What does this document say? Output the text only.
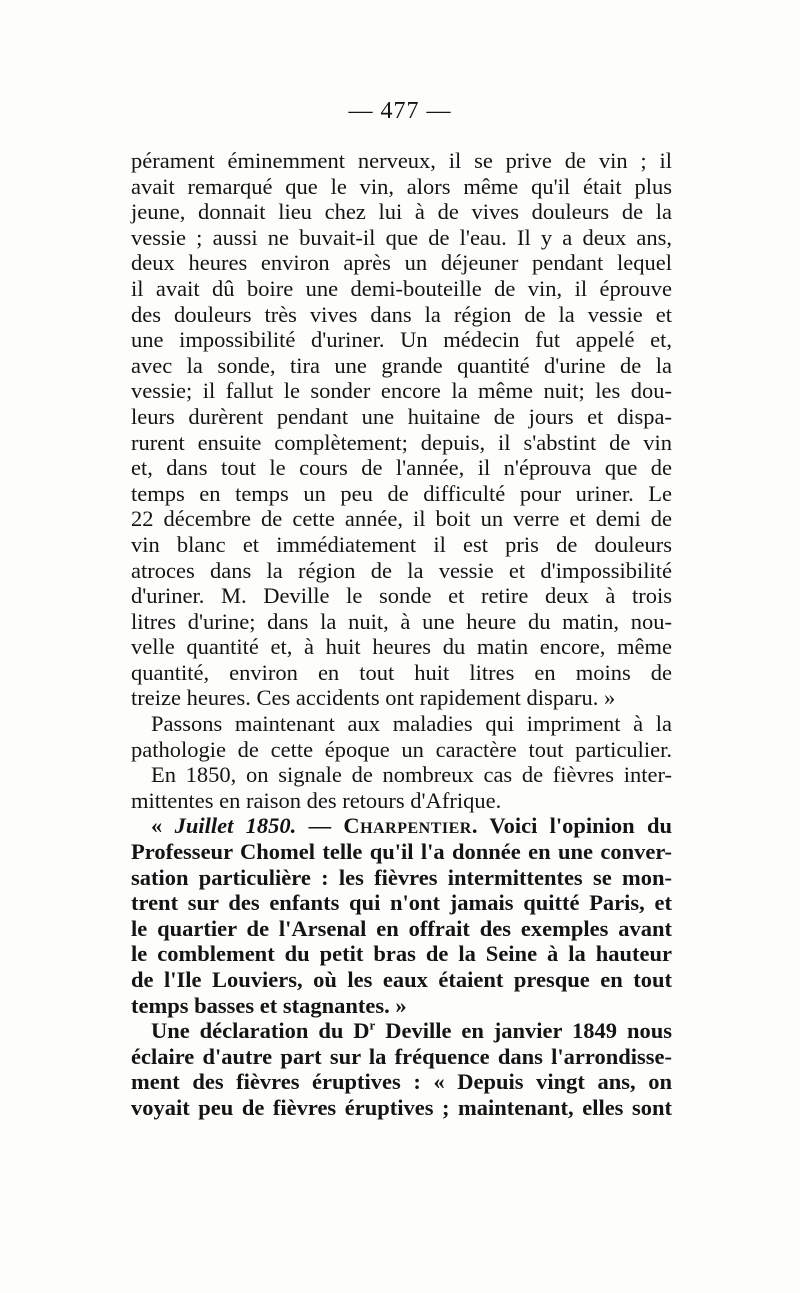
— 477 —
pérament éminemment nerveux, il se prive de vin ; il
avait remarqué que le vin, alors même qu'il était plus
jeune, donnait lieu chez lui à de vives douleurs de la
vessie ; aussi ne buvait-il que de l'eau. Il y a deux ans,
deux heures environ après un déjeuner pendant lequel
il avait dû boire une demi-bouteille de vin, il éprouve
des douleurs très vives dans la région de la vessie et
une impossibilité d'uriner. Un médecin fut appelé et,
avec la sonde, tira une grande quantité d'urine de la
vessie; il fallut le sonder encore la même nuit; les dou-
leurs durèrent pendant une huitaine de jours et dispa-
rurent ensuite complètement; depuis, il s'abstint de vin
et, dans tout le cours de l'année, il n'éprouva que de
temps en temps un peu de difficulté pour uriner. Le
22 décembre de cette année, il boit un verre et demi de
vin blanc et immédiatement il est pris de douleurs
atroces dans la région de la vessie et d'impossibilité
d'uriner. M. Deville le sonde et retire deux à trois
litres d'urine; dans la nuit, à une heure du matin, nou-
velle quantité et, à huit heures du matin encore, même
quantité, environ en tout huit litres en moins de
treize heures. Ces accidents ont rapidement disparu. »
Passons maintenant aux maladies qui impriment à la
pathologie de cette époque un caractère tout particulier.
En 1850, on signale de nombreux cas de fièvres inter-
mittentes en raison des retours d'Afrique.
« Juillet 1850. — Charpentier. Voici l'opinion du
Professeur Chomel telle qu'il l'a donnée en une conver-
sation particulière : les fièvres intermittentes se mon-
trent sur des enfants qui n'ont jamais quitté Paris, et
le quartier de l'Arsenal en offrait des exemples avant
le comblement du petit bras de la Seine à la hauteur
de l'Ile Louviers, où les eaux étaient presque en tout
temps basses et stagnantes. »
Une déclaration du $D^r$ Deville en janvier 1849 nous
éclaire d'autre part sur la fréquence dans l'arrondisse-
ment des fièvres éruptives : « Depuis vingt ans, on
voyait peu de fièvres éruptives ; maintenant, elles sont
